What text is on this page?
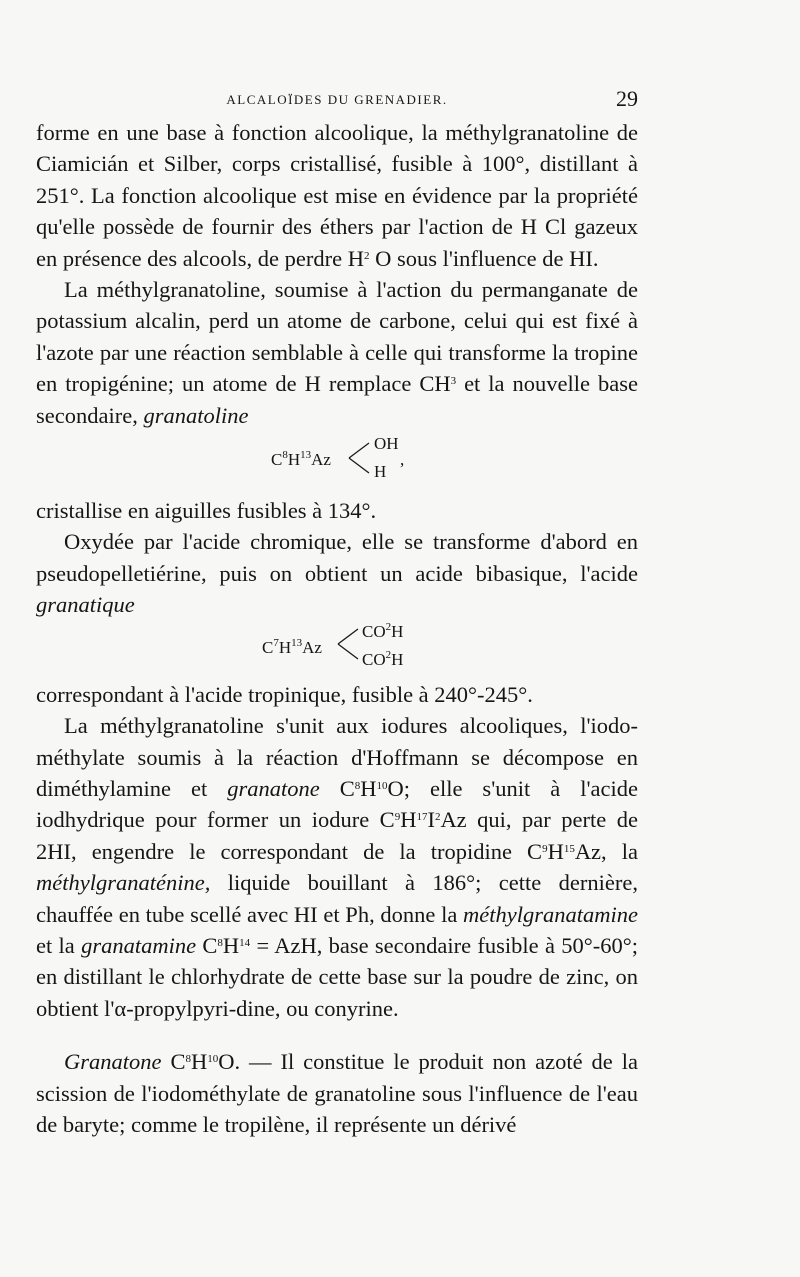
ALCALOÏDES DU GRENADIER.	29

forme en une base à fonction alcoolique, la méthylgranatoline de Ciamicián et Silber, corps cristallisé, fusible à 100°, distillant à 251°. La fonction alcoolique est mise en évidence par la propriété qu'elle possède de fournir des éthers par l'action de H Cl gazeux en présence des alcools, de perdre $H^2$ O sous l'influence de HI.

La méthylgranatoline, soumise à l'action du permanganate de potassium alcalin, perd un atome de carbone, celui qui est fixé à l'azote par une réaction semblable à celle qui transforme la tropine en tropigénine; un atome de H remplace $CH^3$ et la nouvelle base secondaire, granatoline

$C^8H^{13}Az$
OH
H
,

cristallise en aiguilles fusibles à 134°.

Oxydée par l'acide chromique, elle se transforme d'abord en pseudopelletiérine, puis on obtient un acide bibasique, l'acide granatique

$C^7H^{13}Az$
$CO^2H$
$CO^2H$

correspondant à l'acide tropinique, fusible à 240°-245°.

La méthylgranatoline s'unit aux iodures alcooliques, l'iodo-méthylate soumis à la réaction d'Hoffmann se décompose en diméthylamine et granatone $C^8H^{10}O$; elle s'unit à l'acide iodhydrique pour former un iodure $C^9H^{17}I^2Az$ qui, par perte de 2HI, engendre le correspondant de la tropidine $C^9H^{15}Az$, la méthylgranaténine, liquide bouillant à 186°; cette dernière, chauffée en tube scellé avec HI et Ph, donne la méthylgranatamine et la granatamine $C^8H^{14}$ = AzH, base secondaire fusible à 50°-60°; en distillant le chlorhydrate de cette base sur la poudre de zinc, on obtient l'α-propylpyri-dine, ou conyrine.

Granatone $C^8H^{10}O$. — Il constitue le produit non azoté de la scission de l'iodométhylate de granatoline sous l'influence de l'eau de baryte; comme le tropilène, il représente un dérivé
